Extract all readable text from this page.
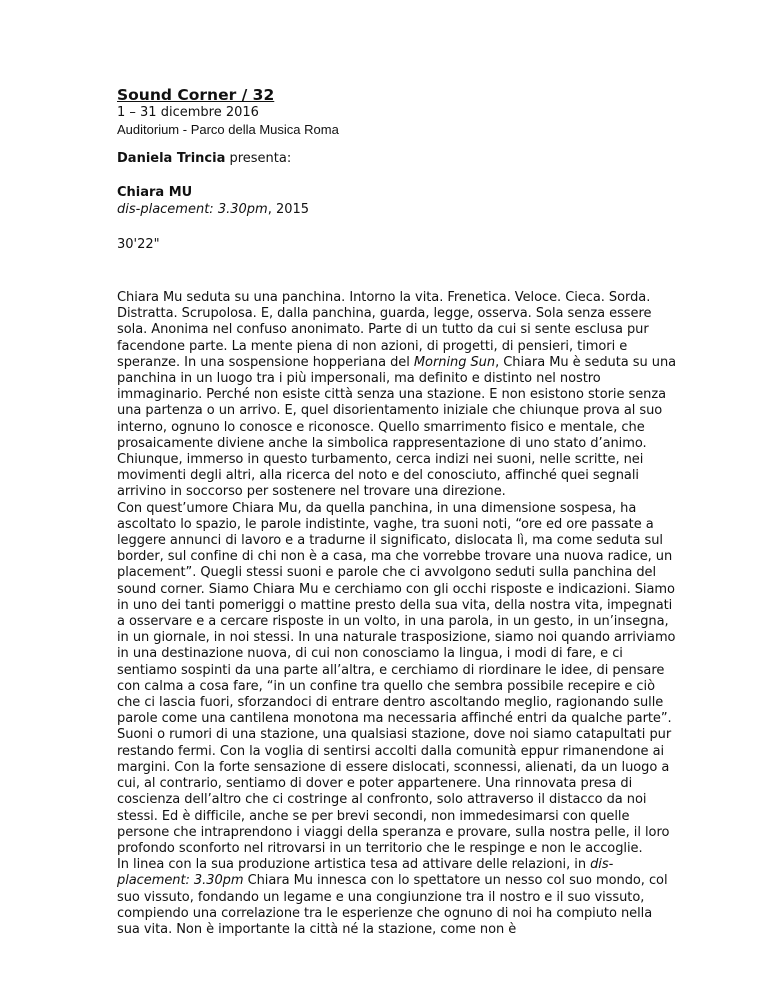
Sound Corner / 32

1 – 31 dicembre 2016

Auditorium - Parco della Musica Roma

Daniela Trincia presenta:

Chiara MU

dis-placement: 3.30pm, 2015

30'22"

Chiara Mu seduta su una panchina. Intorno la vita. Frenetica. Veloce. Cieca. Sorda. Distratta. Scrupolosa. E, dalla panchina, guarda, legge, osserva. Sola senza essere sola. Anonima nel confuso anonimato. Parte di un tutto da cui si sente esclusa pur facendone parte. La mente piena di non azioni, di progetti, di pensieri, timori e speranze. In una sospensione hopperiana del Morning Sun, Chiara Mu è seduta su una panchina in un luogo tra i più impersonali, ma definito e distinto nel nostro immaginario. Perché non esiste città senza una stazione. E non esistono storie senza una partenza o un arrivo. E, quel disorientamento iniziale che chiunque prova al suo interno, ognuno lo conosce e riconosce. Quello smarrimento fisico e mentale, che prosaicamente diviene anche la simbolica rappresentazione di uno stato d’animo. Chiunque, immerso in questo turbamento, cerca indizi nei suoni, nelle scritte, nei movimenti degli altri, alla ricerca del noto e del conosciuto, affinché quei segnali arrivino in soccorso per sostenere nel trovare una direzione.

Con quest’umore Chiara Mu, da quella panchina, in una dimensione sospesa, ha ascoltato lo spazio, le parole indistinte, vaghe, tra suoni noti, “ore ed ore passate a leggere annunci di lavoro e a tradurne il significato, dislocata lì, ma come seduta sul border, sul confine di chi non è a casa, ma che vorrebbe trovare una nuova radice, un placement”. Quegli stessi suoni e parole che ci avvolgono seduti sulla panchina del sound corner. Siamo Chiara Mu e cerchiamo con gli occhi risposte e indicazioni. Siamo in uno dei tanti pomeriggi o mattine presto della sua vita, della nostra vita, impegnati a osservare e a cercare risposte in un volto, in una parola, in un gesto, in un’insegna, in un giornale, in noi stessi. In una naturale trasposizione, siamo noi quando arriviamo in una destinazione nuova, di cui non conosciamo la lingua, i modi di fare, e ci sentiamo sospinti da una parte all’altra, e cerchiamo di riordinare le idee, di pensare con calma a cosa fare, “in un confine tra quello che sembra possibile recepire e ciò che ci lascia fuori, sforzandoci di entrare dentro ascoltando meglio, ragionando sulle parole come una cantilena monotona ma necessaria affinché entri da qualche parte”.

Suoni o rumori di una stazione, una qualsiasi stazione, dove noi siamo catapultati pur restando fermi. Con la voglia di sentirsi accolti dalla comunità eppur rimanendone ai margini. Con la forte sensazione di essere dislocati, sconnessi, alienati, da un luogo a cui, al contrario, sentiamo di dover e poter appartenere. Una rinnovata presa di coscienza dell’altro che ci costringe al confronto, solo attraverso il distacco da noi stessi. Ed è difficile, anche se per brevi secondi, non immedesimarsi con quelle persone che intraprendono i viaggi della speranza e provare, sulla nostra pelle, il loro profondo sconforto nel ritrovarsi in un territorio che le respinge e non le accoglie.

In linea con la sua produzione artistica tesa ad attivare delle relazioni, in dis-placement: 3.30pm Chiara Mu innesca con lo spettatore un nesso col suo mondo, col suo vissuto, fondando un legame e una congiunzione tra il nostro e il suo vissuto, compiendo una correlazione tra le esperienze che ognuno di noi ha compiuto nella sua vita. Non è importante la città né la stazione, come non è
